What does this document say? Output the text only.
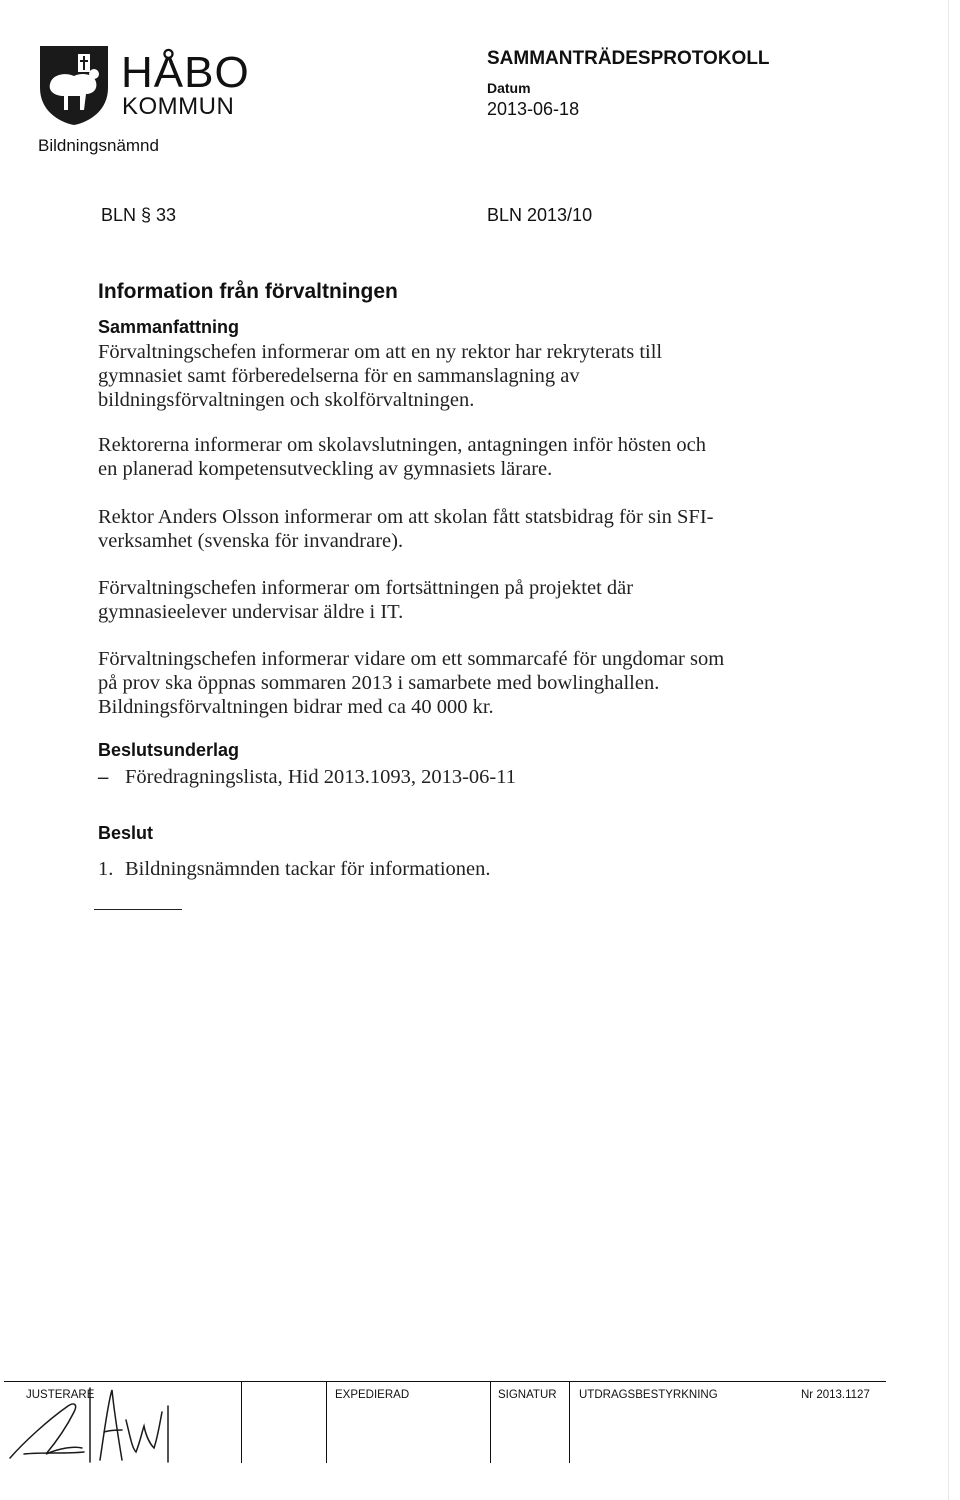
HÅBO
KOMMUN
Bildningsnämnd
SAMMANTRÄDESPROTOKOLL
Datum
2013-06-18
BLN § 33	BLN 2013/10
Information från förvaltningen
Sammanfattning
Förvaltningschefen informerar om att en ny rektor har rekryterats till
gymnasiet samt förberedelserna för en sammanslagning av
bildningsförvaltningen och skolförvaltningen.
Rektorerna informerar om skolavslutningen, antagningen inför hösten och
en planerad kompetensutveckling av gymnasiets lärare.
Rektor Anders Olsson informerar om att skolan fått statsbidrag för sin SFI-
verksamhet (svenska för invandrare).
Förvaltningschefen informerar om fortsättningen på projektet där
gymnasieelever undervisar äldre i IT.
Förvaltningschefen informerar vidare om ett sommarcafé för ungdomar som
på prov ska öppnas sommaren 2013 i samarbete med bowlinghallen.
Bildningsförvaltningen bidrar med ca 40 000 kr.
Beslutsunderlag
– Föredragningslista, Hid 2013.1093, 2013-06-11
Beslut
1. Bildningsnämnden tackar för informationen.
JUSTERARE	EXPEDIERAD	SIGNATUR UTDRAGSBESTYRKNING	Nr 2013.1127
